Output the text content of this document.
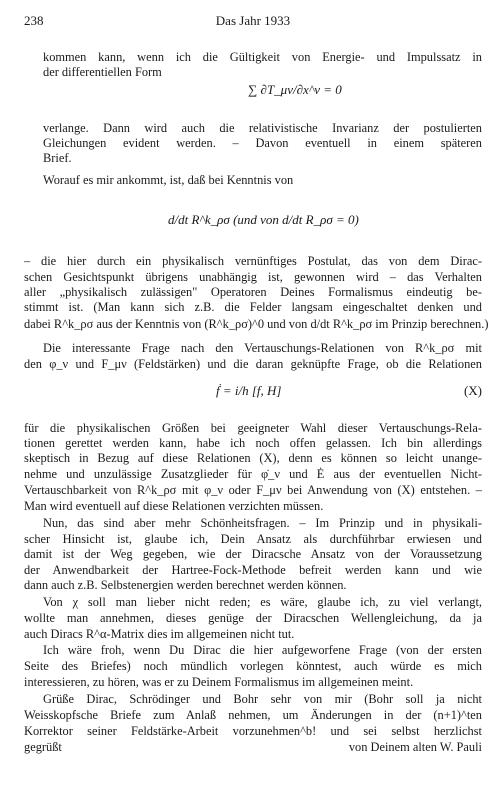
238	Das Jahr 1933
kommen kann, wenn ich die Gültigkeit von Energie- und Impulssatz in
der differentiellen Form
∑ ∂T_μν/∂x^ν = 0
verlange. Dann wird auch die relativistische Invarianz der postulierten
Gleichungen evident werden. – Davon eventuell in einem späteren
Brief.
Worauf es mir ankommt, ist, daß bei Kenntnis von
d/dt R^k_ρσ (und von d/dt R_ρσ = 0)
– die hier durch ein physikalisch vernünftiges Postulat, das von dem Dirac-
schen Gesichtspunkt übrigens unabhängig ist, gewonnen wird – das Verhalten
aller „physikalisch zulässigen" Operatoren Deines Formalismus eindeutig be-
stimmt ist. (Man kann sich z.B. die Felder langsam eingeschaltet denken und
dabei R^k_ρσ aus der Kenntnis von (R^k_ρσ)^0 und von d/dt R^k_ρσ im Prinzip berechnen.)
Die interessante Frage nach den Vertauschungs-Relationen von R^k_ρσ mit
den φ_ν und F_μν (Feldstärken) und die daran geknüpfte Frage, ob die Relationen
ḟ = i/h [f, H]	(X)
für die physikalischen Größen bei geeigneter Wahl dieser Vertauschungs-Rela-
tionen gerettet werden kann, habe ich noch offen gelassen. Ich bin allerdings
skeptisch in Bezug auf diese Relationen (X), denn es können so leicht unange-
nehme und unzulässige Zusatzglieder für φ̇_ν und Ė aus der eventuellen Nicht-
Vertauschbarkeit von R^k_ρσ mit φ_ν oder F_μν bei Anwendung von (X) entstehen. –
Man wird eventuell auf diese Relationen verzichten müssen.
Nun, das sind aber mehr Schönheitsfragen. – Im Prinzip und in physikali-
scher Hinsicht ist, glaube ich, Dein Ansatz als durchführbar erwiesen und
damit ist der Weg gegeben, wie der Diracsche Ansatz von der Voraussetzung
der Anwendbarkeit der Hartree-Fock-Methode befreit werden kann und wie
dann auch z.B. Selbstenergien werden berechnet werden können.
Von χ soll man lieber nicht reden; es wäre, glaube ich, zu viel verlangt,
wollte man annehmen, dieses genüge der Diracschen Wellengleichung, da ja
auch Diracs R^α-Matrix dies im allgemeinen nicht tut.
Ich wäre froh, wenn Du Dirac die hier aufgeworfene Frage (von der ersten
Seite des Briefes) noch mündlich vorlegen könntest, auch würde es mich
interessieren, zu hören, was er zu Deinem Formalismus im allgemeinen meint.
Grüße Dirac, Schrödinger und Bohr sehr von mir (Bohr soll ja nicht
Weisskopfsche Briefe zum Anlaß nehmen, um Änderungen in der (n+1)^ten
Korrektor seiner Feldstärke-Arbeit vorzunehmen^b! und sei selbst herzlichst
gegrüßt	von Deinem alten W. Pauli
